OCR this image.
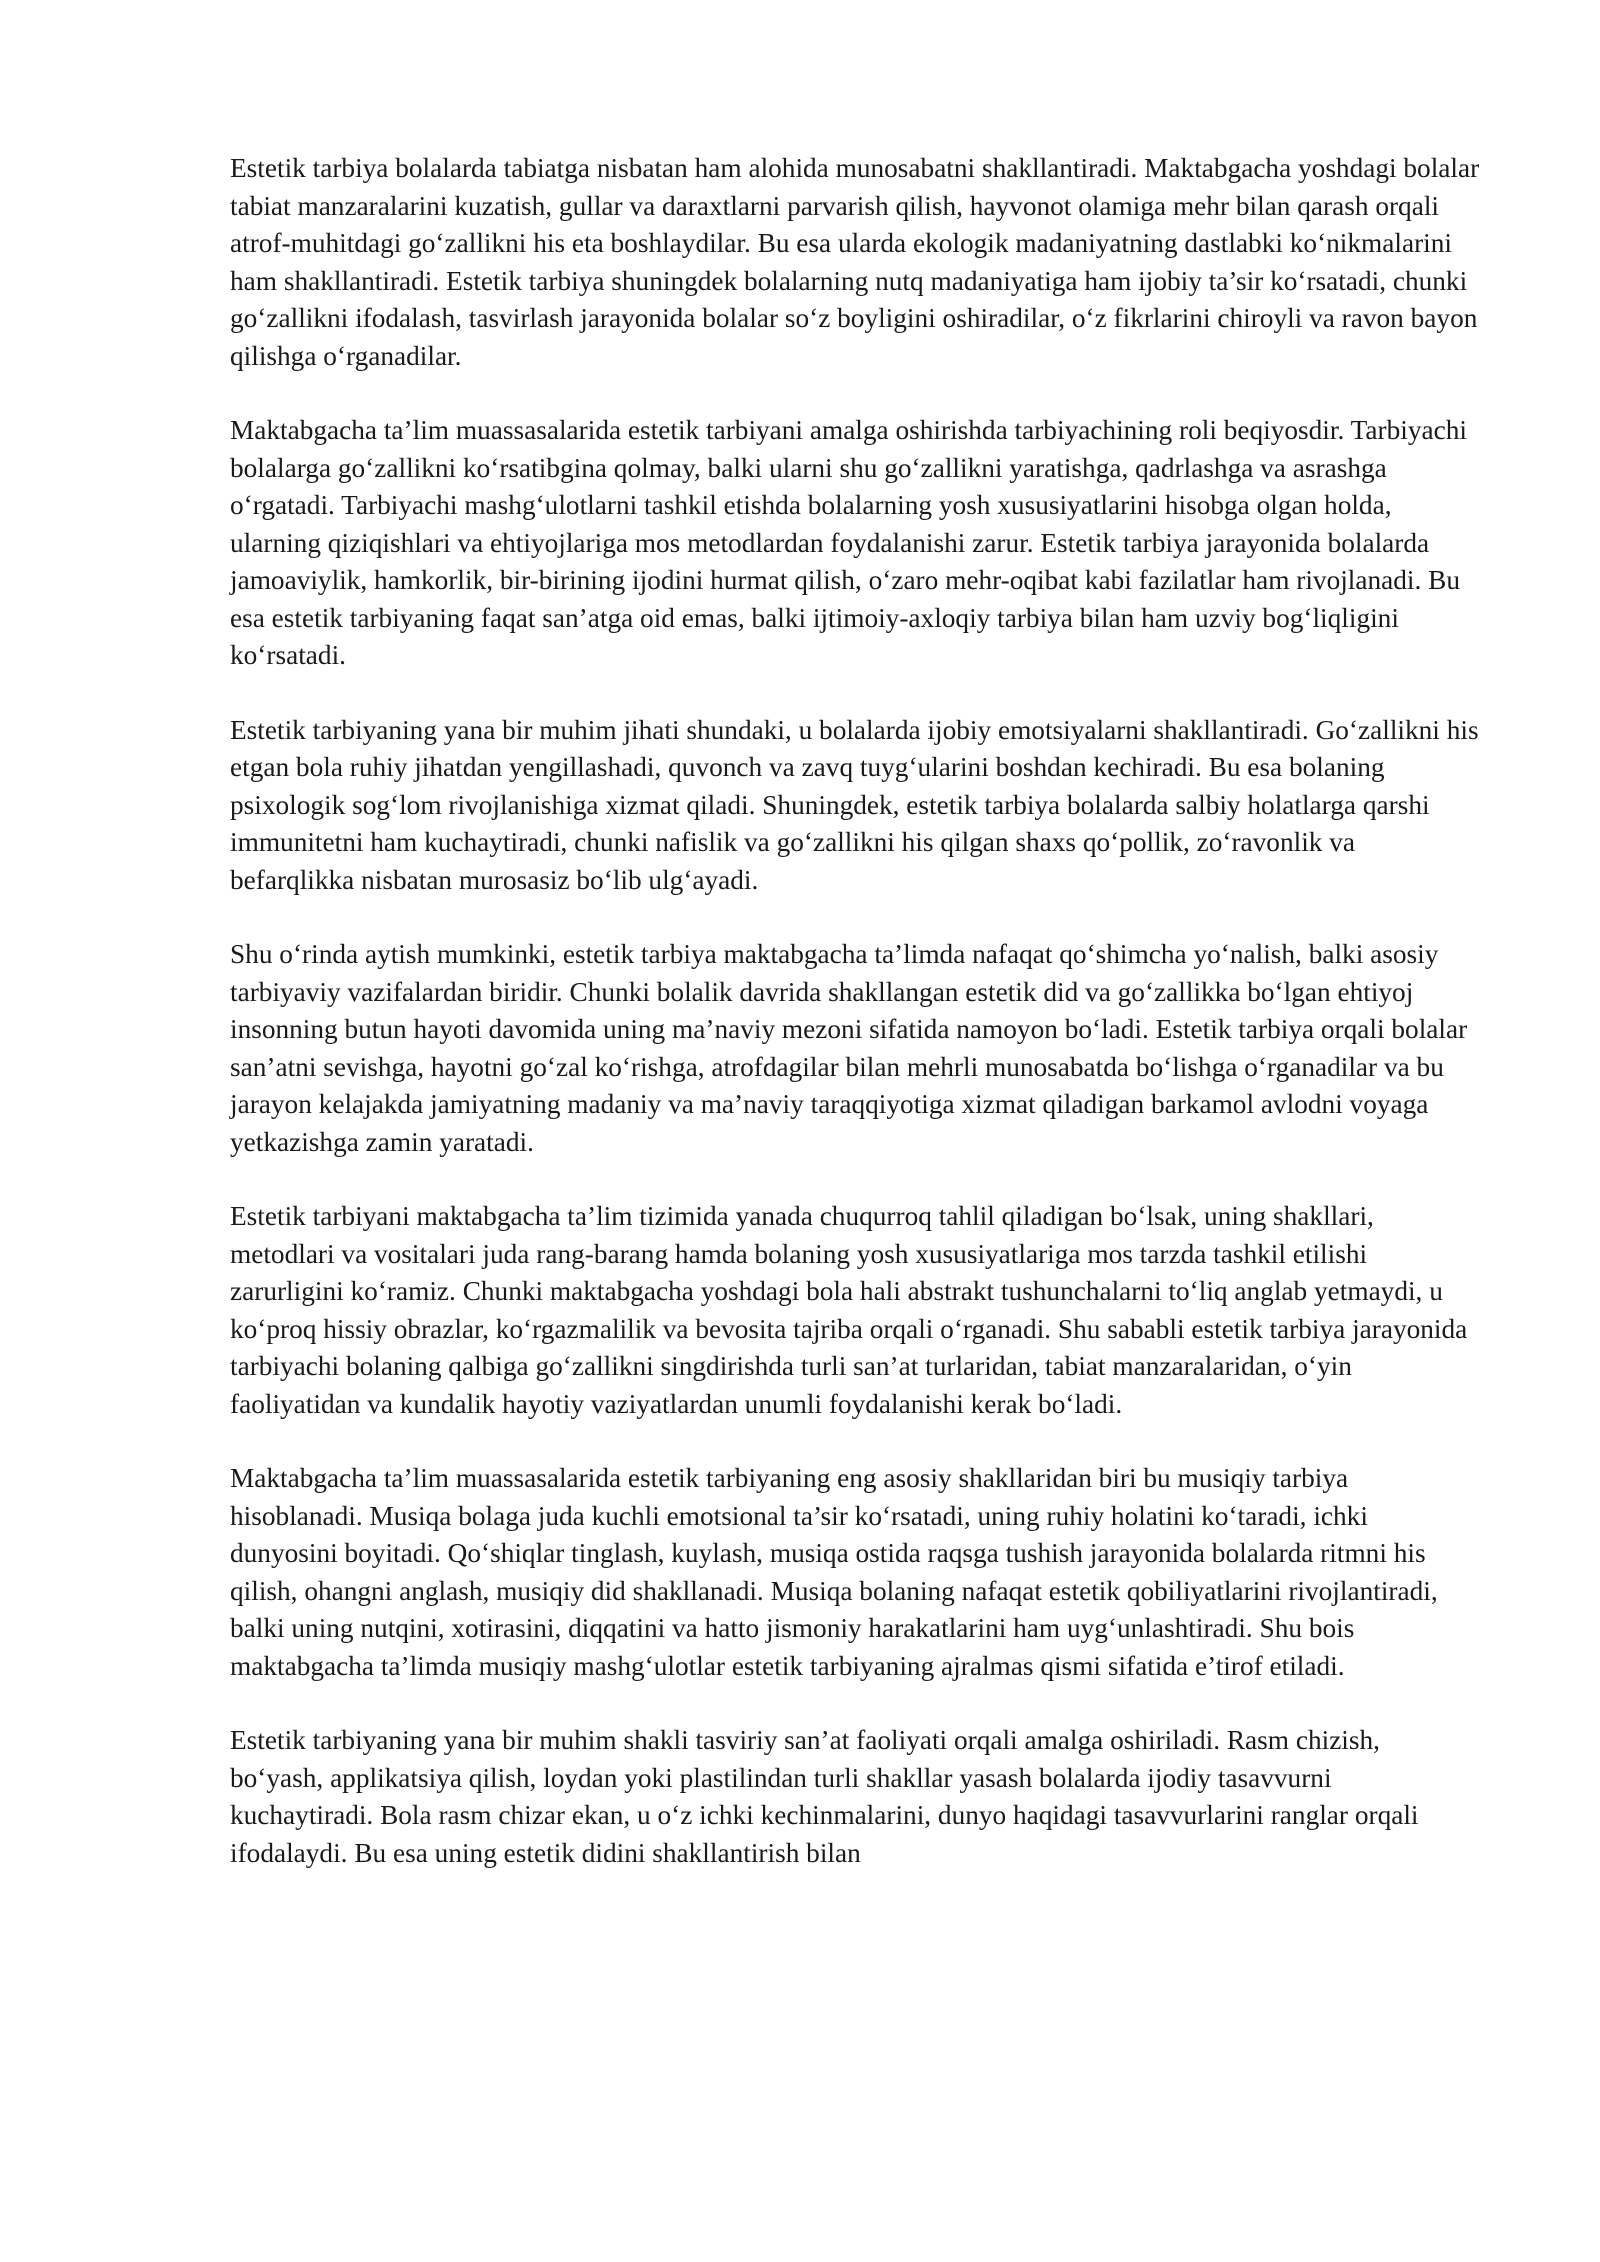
Estetik tarbiya bolalarda tabiatga nisbatan ham alohida munosabatni shakllantiradi. Maktabgacha yoshdagi bolalar tabiat manzaralarini kuzatish, gullar va daraxtlarni parvarish qilish, hayvonot olamiga mehr bilan qarash orqali atrof-muhitdagi go‘zallikni his eta boshlaydilar. Bu esa ularda ekologik madaniyatning dastlabki ko‘nikmalarini ham shakllantiradi. Estetik tarbiya shuningdek bolalarning nutq madaniyatiga ham ijobiy ta’sir ko‘rsatadi, chunki go‘zallikni ifodalash, tasvirlash jarayonida bolalar so‘z boyligini oshiradilar, o‘z fikrlarini chiroyli va ravon bayon qilishga o‘rganadilar.

Maktabgacha ta’lim muassasalarida estetik tarbiyani amalga oshirishda tarbiyachining roli beqiyosdir. Tarbiyachi bolalarga go‘zallikni ko‘rsatibgina qolmay, balki ularni shu go‘zallikni yaratishga, qadrlashga va asrashga o‘rgatadi. Tarbiyachi mashg‘ulotlarni tashkil etishda bolalarning yosh xususiyatlarini hisobga olgan holda, ularning qiziqishlari va ehtiyojlariga mos metodlardan foydalanishi zarur. Estetik tarbiya jarayonida bolalarda jamoaviylik, hamkorlik, bir-birining ijodini hurmat qilish, o‘zaro mehr-oqibat kabi fazilatlar ham rivojlanadi. Bu esa estetik tarbiyaning faqat san’atga oid emas, balki ijtimoiy-axloqiy tarbiya bilan ham uzviy bog‘liqligini ko‘rsatadi.

Estetik tarbiyaning yana bir muhim jihati shundaki, u bolalarda ijobiy emotsiyalarni shakllantiradi. Go‘zallikni his etgan bola ruhiy jihatdan yengillashadi, quvonch va zavq tuyg‘ularini boshdan kechiradi. Bu esa bolaning psixologik sog‘lom rivojlanishiga xizmat qiladi. Shuningdek, estetik tarbiya bolalarda salbiy holatlarga qarshi immunitetni ham kuchaytiradi, chunki nafislik va go‘zallikni his qilgan shaxs qo‘pollik, zo‘ravonlik va befarqlikka nisbatan murosasiz bo‘lib ulg‘ayadi.

Shu o‘rinda aytish mumkinki, estetik tarbiya maktabgacha ta’limda nafaqat qo‘shimcha yo‘nalish, balki asosiy tarbiyaviy vazifalardan biridir. Chunki bolalik davrida shakllangan estetik did va go‘zallikka bo‘lgan ehtiyoj insonning butun hayoti davomida uning ma’naviy mezoni sifatida namoyon bo‘ladi. Estetik tarbiya orqali bolalar san’atni sevishga, hayotni go‘zal ko‘rishga, atrofdagilar bilan mehrli munosabatda bo‘lishga o‘rganadilar va bu jarayon kelajakda jamiyatning madaniy va ma’naviy taraqqiyotiga xizmat qiladigan barkamol avlodni voyaga yetkazishga zamin yaratadi.

Estetik tarbiyani maktabgacha ta’lim tizimida yanada chuqurroq tahlil qiladigan bo‘lsak, uning shakllari, metodlari va vositalari juda rang-barang hamda bolaning yosh xususiyatlariga mos tarzda tashkil etilishi zarurligini ko‘ramiz. Chunki maktabgacha yoshdagi bola hali abstrakt tushunchalarni to‘liq anglab yetmaydi, u ko‘proq hissiy obrazlar, ko‘rgazmalilik va bevosita tajriba orqali o‘rganadi. Shu sababli estetik tarbiya jarayonida tarbiyachi bolaning qalbiga go‘zallikni singdirishda turli san’at turlaridan, tabiat manzaralaridan, o‘yin faoliyatidan va kundalik hayotiy vaziyatlardan unumli foydalanishi kerak bo‘ladi.

Maktabgacha ta’lim muassasalarida estetik tarbiyaning eng asosiy shakllaridan biri bu musiqiy tarbiya hisoblanadi. Musiqa bolaga juda kuchli emotsional ta’sir ko‘rsatadi, uning ruhiy holatini ko‘taradi, ichki dunyosini boyitadi. Qo‘shiqlar tinglash, kuylash, musiqa ostida raqsga tushish jarayonida bolalarda ritmni his qilish, ohangni anglash, musiqiy did shakllanadi. Musiqa bolaning nafaqat estetik qobiliyatlarini rivojlantiradi, balki uning nutqini, xotirasini, diqqatini va hatto jismoniy harakatlarini ham uyg‘unlashtiradi. Shu bois maktabgacha ta’limda musiqiy mashg‘ulotlar estetik tarbiyaning ajralmas qismi sifatida e’tirof etiladi.

Estetik tarbiyaning yana bir muhim shakli tasviriy san’at faoliyati orqali amalga oshiriladi. Rasm chizish, bo‘yash, applikatsiya qilish, loydan yoki plastilindan turli shakllar yasash bolalarda ijodiy tasavvurni kuchaytiradi. Bola rasm chizar ekan, u o‘z ichki kechinmalarini, dunyo haqidagi tasavvurlarini ranglar orqali ifodalaydi. Bu esa uning estetik didini shakllantirish bilan
